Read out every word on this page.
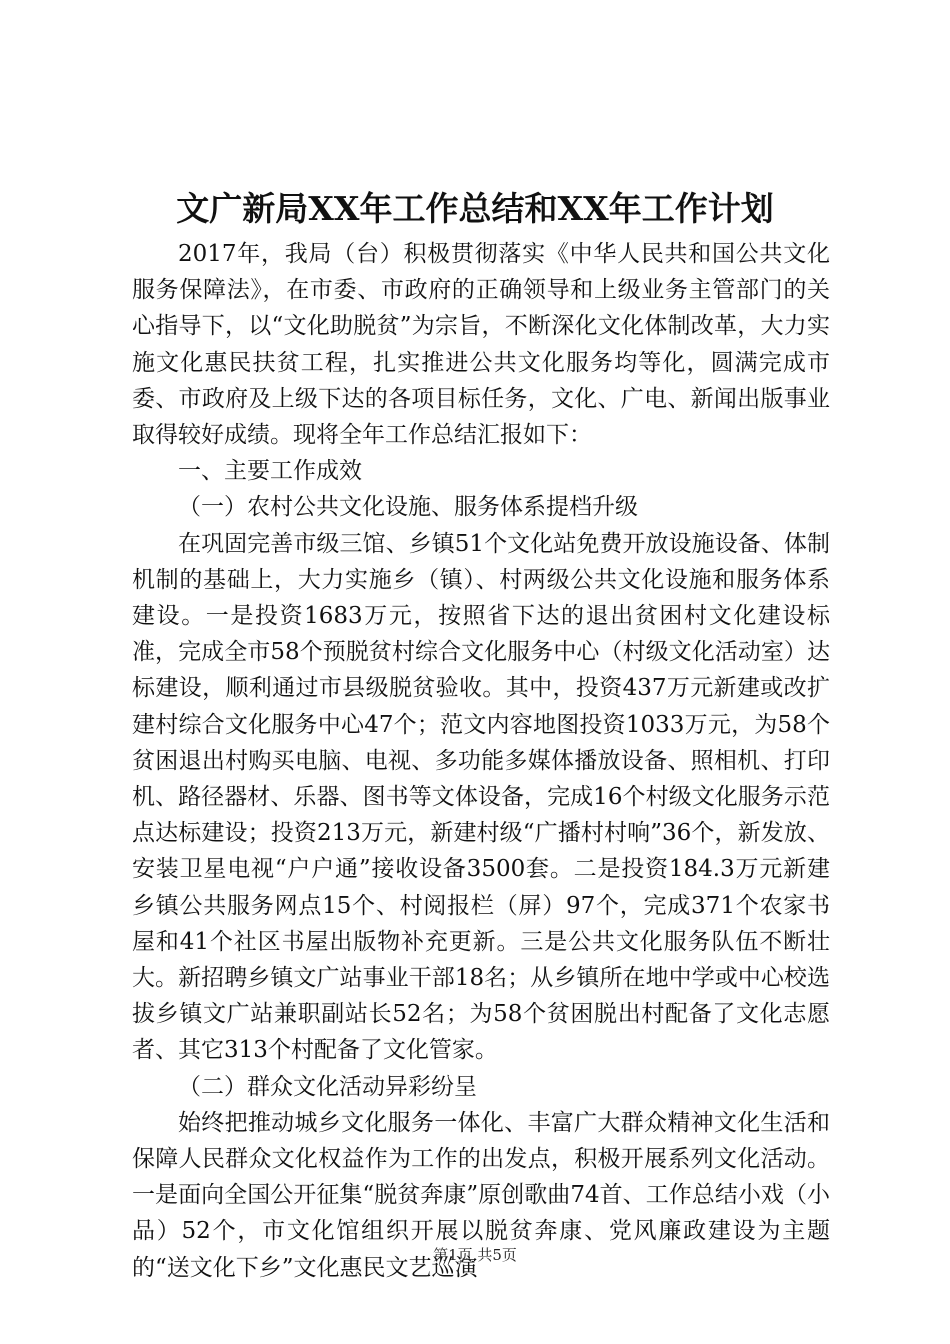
文广新局XX年工作总结和XX年工作计划

2017年，我局（台）积极贯彻落实《中华人民共和国公共文化服务保障法》，在市委、市政府的正确领导和上级业务主管部门的关心指导下，以“文化助脱贫”为宗旨，不断深化文化体制改革，大力实施文化惠民扶贫工程，扎实推进公共文化服务均等化，圆满完成市委、市政府及上级下达的各项目标任务，文化、广电、新闻出版事业取得较好成绩。现将全年工作总结汇报如下：

一、主要工作成效

（一）农村公共文化设施、服务体系提档升级

在巩固完善市级三馆、乡镇51个文化站免费开放设施设备、体制机制的基础上，大力实施乡（镇）、村两级公共文化设施和服务体系建设。一是投资1683万元，按照省下达的退出贫困村文化建设标准，完成全市58个预脱贫村综合文化服务中心（村级文化活动室）达标建设，顺利通过市县级脱贫验收。其中，投资437万元新建或改扩建村综合文化服务中心47个；范文内容地图投资1033万元，为58个贫困退出村购买电脑、电视、多功能多媒体播放设备、照相机、打印机、路径器材、乐器、图书等文体设备，完成16个村级文化服务示范点达标建设；投资213万元，新建村级“广播村村响”36个，新发放、安装卫星电视“户户通”接收设备3500套。二是投资184.3万元新建乡镇公共服务网点15个、村阅报栏（屏）97个，完成371个农家书屋和41个社区书屋出版物补充更新。三是公共文化服务队伍不断壮大。新招聘乡镇文广站事业干部18名；从乡镇所在地中学或中心校选拔乡镇文广站兼职副站长52名；为58个贫困脱出村配备了文化志愿者、其它313个村配备了文化管家。

（二）群众文化活动异彩纷呈

始终把推动城乡文化服务一体化、丰富广大群众精神文化生活和保障人民群众文化权益作为工作的出发点，积极开展系列文化活动。一是面向全国公开征集“脱贫奔康”原创歌曲74首、工作总结小戏（小品）52个，市文化馆组织开展以脱贫奔康、党风廉政建设为主题的“送文化下乡”文化惠民文艺巡演

第1页 共5页
